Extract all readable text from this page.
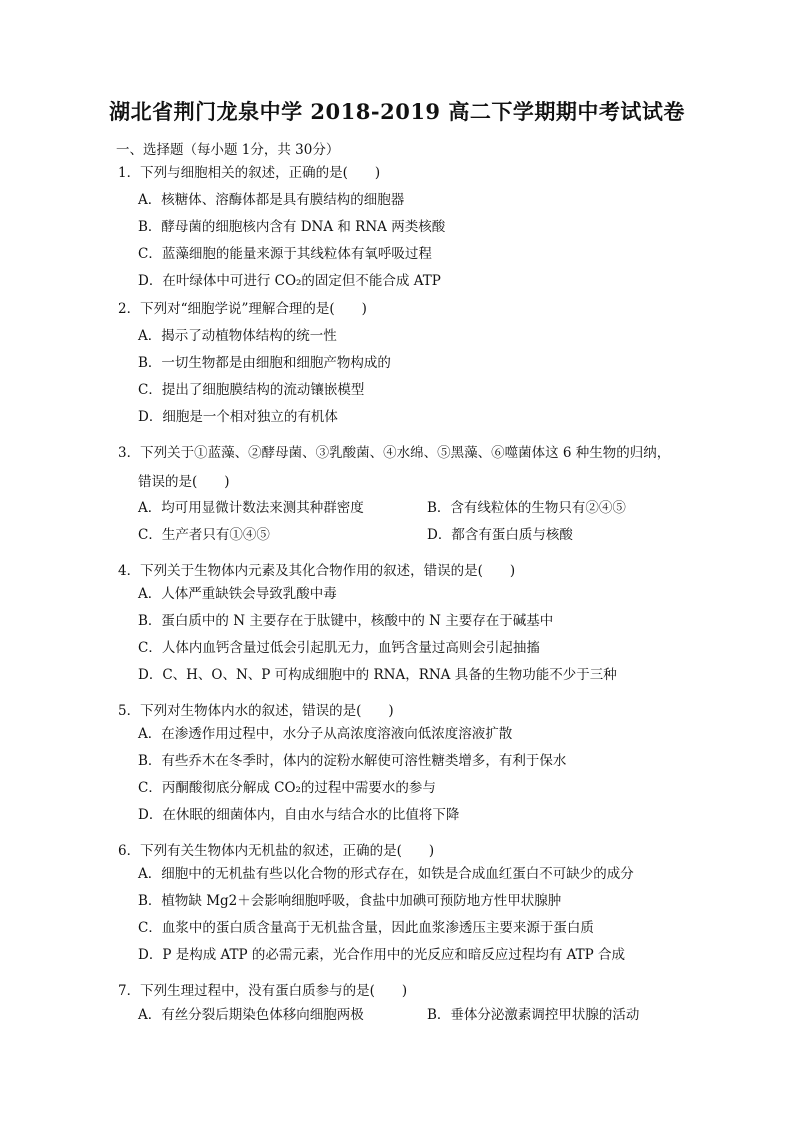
湖北省荆门龙泉中学 2018-2019 高二下学期期中考试试卷
一、选择题（每小题 1分，共 30分）
1．下列与细胞相关的叙述，正确的是(　　)
A．核糖体、溶酶体都是具有膜结构的细胞器
B．酵母菌的细胞核内含有 DNA 和 RNA 两类核酸
C．蓝藻细胞的能量来源于其线粒体有氧呼吸过程
D．在叶绿体中可进行 CO₂的固定但不能合成 ATP
2．下列对“细胞学说”理解合理的是(　　)
A．揭示了动植物体结构的统一性
B．一切生物都是由细胞和细胞产物构成的
C．提出了细胞膜结构的流动镶嵌模型
D．细胞是一个相对独立的有机体
3．下列关于①蓝藻、②酵母菌、③乳酸菌、④水绵、⑤黑藻、⑥噬菌体这 6 种生物的归纳，
错误的是(　　)
A．均可用显微计数法来测其种群密度	B．含有线粒体的生物只有②④⑤
C．生产者只有①④⑤	D．都含有蛋白质与核酸
4．下列关于生物体内元素及其化合物作用的叙述，错误的是(　　)
A．人体严重缺铁会导致乳酸中毒
B．蛋白质中的 N 主要存在于肽键中，核酸中的 N 主要存在于碱基中
C．人体内血钙含量过低会引起肌无力，血钙含量过高则会引起抽搐
D．C、H、O、N、P 可构成细胞中的 RNA，RNA 具备的生物功能不少于三种
5．下列对生物体内水的叙述，错误的是(　　)
A．在渗透作用过程中，水分子从高浓度溶液向低浓度溶液扩散
B．有些乔木在冬季时，体内的淀粉水解使可溶性糖类增多，有利于保水
C．丙酮酸彻底分解成 CO₂的过程中需要水的参与
D．在休眠的细菌体内，自由水与结合水的比值将下降
6．下列有关生物体内无机盐的叙述，正确的是(　　)
A．细胞中的无机盐有些以化合物的形式存在，如铁是合成血红蛋白不可缺少的成分
B．植物缺 Mg2＋会影响细胞呼吸，食盐中加碘可预防地方性甲状腺肿
C．血浆中的蛋白质含量高于无机盐含量，因此血浆渗透压主要来源于蛋白质
D．P 是构成 ATP 的必需元素，光合作用中的光反应和暗反应过程均有 ATP 合成
7．下列生理过程中，没有蛋白质参与的是(　　)
A．有丝分裂后期染色体移向细胞两极	B．垂体分泌激素调控甲状腺的活动
